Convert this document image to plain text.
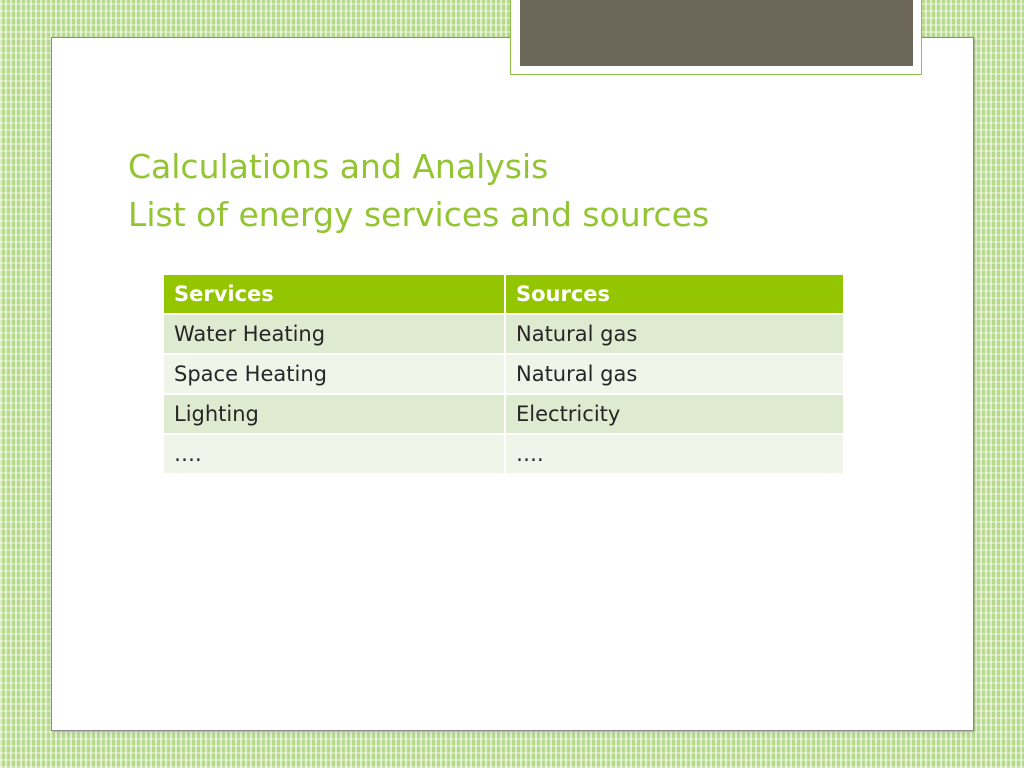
Calculations and Analysis
List of energy services and sources
Services	Sources
Water Heating	Natural gas
Space Heating	Natural gas
Lighting	Electricity
….	….
